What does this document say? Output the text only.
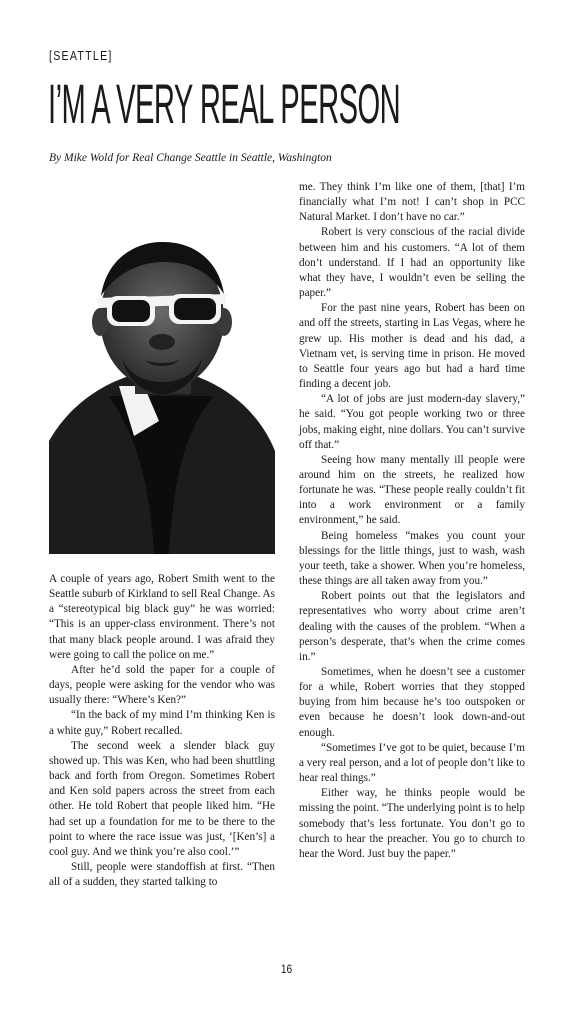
[SEATTLE]
I’M A VERY REAL PERSON
By Mike Wold for Real Change Seattle in Seattle, Washington

A couple of years ago, Robert Smith went to the Seattle suburb of Kirkland to sell Real Change. As a “stereotypical big black guy” he was worried: “This is an upper-class environment. There’s not that many black people around. I was afraid they were going to call the police on me.”

After he’d sold the paper for a couple of days, people were asking for the vendor who was usually there: “Where’s Ken?”

“In the back of my mind I’m thinking Ken is a white guy,” Robert recalled.

The second week a slender black guy showed up. This was Ken, who had been shuttling back and forth from Oregon. Sometimes Robert and Ken sold papers across the street from each other. He told Robert that people liked him. “He had set up a foundation for me to be there to the point to where the race issue was just, ‘[Ken’s] a cool guy. And we think you’re also cool.’”

Still, people were standoffish at first. “Then all of a sudden, they started talking to

me. They think I’m like one of them, [that] I’m financially what I’m not! I can’t shop in PCC Natural Market. I don’t have no car.”

Robert is very conscious of the racial divide between him and his customers. “A lot of them don’t understand. If I had an opportunity like what they have, I wouldn’t even be selling the paper.”

For the past nine years, Robert has been on and off the streets, starting in Las Vegas, where he grew up. His mother is dead and his dad, a Vietnam vet, is serving time in prison. He moved to Seattle four years ago but had a hard time finding a decent job.

“A lot of jobs are just modern-day slavery,” he said. “You got people working two or three jobs, making eight, nine dollars. You can’t survive off that.”

Seeing how many mentally ill people were around him on the streets, he realized how fortunate he was. “These people really couldn’t fit into a work environment or a family environment,” he said.

Being homeless “makes you count your blessings for the little things, just to wash, wash your teeth, take a shower. When you’re homeless, these things are all taken away from you.”

Robert points out that the legislators and representatives who worry about crime aren’t dealing with the causes of the problem. “When a person’s desperate, that’s when the crime comes in.”

Sometimes, when he doesn’t see a customer for a while, Robert worries that they stopped buying from him because he’s too outspoken or even because he doesn’t look down-and-out enough.

“Sometimes I’ve got to be quiet, because I’m a very real person, and a lot of people don’t like to hear real things.”

Either way, he thinks people would be missing the point. “The underlying point is to help somebody that’s less fortunate. You don’t go to church to hear the preacher. You go to church to hear the Word. Just buy the paper.”

16
